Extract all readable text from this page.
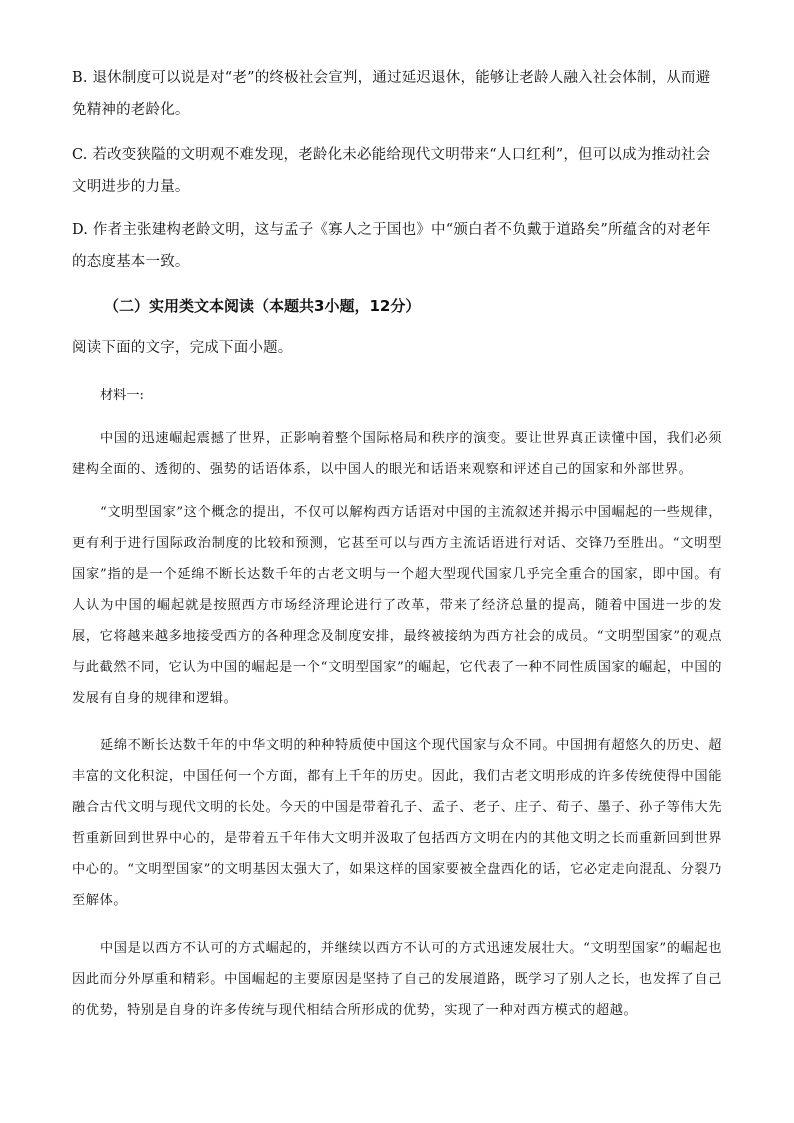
B. 退休制度可以说是对“老”的终极社会宣判，通过延迟退休，能够让老龄人融入社会体制，从而避免精神的老龄化。

C. 若改变狭隘的文明观不难发现，老龄化未必能给现代文明带来“人口红利”，但可以成为推动社会文明进步的力量。

D. 作者主张建构老龄文明，这与孟子《寡人之于国也》中“颁白者不负戴于道路矣”所蕴含的对老年的态度基本一致。

（二）实用类文本阅读（本题共3小题，12分）

阅读下面的文字，完成下面小题。

材料一:

中国的迅速崛起震撼了世界，正影响着整个国际格局和秩序的演变。要让世界真正读懂中国，我们必须建构全面的、透彻的、强势的话语体系，以中国人的眼光和话语来观察和评述自己的国家和外部世界。

“文明型国家”这个概念的提出，不仅可以解构西方话语对中国的主流叙述并揭示中国崛起的一些规律，更有利于进行国际政治制度的比较和预测，它甚至可以与西方主流话语进行对话、交锋乃至胜出。“文明型国家”指的是一个延绵不断长达数千年的古老文明与一个超大型现代国家几乎完全重合的国家，即中国。有人认为中国的崛起就是按照西方市场经济理论进行了改革，带来了经济总量的提高，随着中国进一步的发展，它将越来越多地接受西方的各种理念及制度安排，最终被接纳为西方社会的成员。“文明型国家”的观点与此截然不同，它认为中国的崛起是一个“文明型国家”的崛起，它代表了一种不同性质国家的崛起，中国的发展有自身的规律和逻辑。

延绵不断长达数千年的中华文明的种种特质使中国这个现代国家与众不同。中国拥有超悠久的历史、超丰富的文化积淀，中国任何一个方面，都有上千年的历史。因此，我们古老文明形成的许多传统使得中国能融合古代文明与现代文明的长处。今天的中国是带着孔子、孟子、老子、庄子、荀子、墨子、孙子等伟大先哲重新回到世界中心的，是带着五千年伟大文明并汲取了包括西方文明在内的其他文明之长而重新回到世界中心的。“文明型国家”的文明基因太强大了，如果这样的国家要被全盘西化的话，它必定走向混乱、分裂乃至解体。

中国是以西方不认可的方式崛起的，并继续以西方不认可的方式迅速发展壮大。“文明型国家”的崛起也因此而分外厚重和精彩。中国崛起的主要原因是坚持了自己的发展道路，既学习了别人之长，也发挥了自己的优势，特别是自身的许多传统与现代相结合所形成的优势，实现了一种对西方模式的超越。
